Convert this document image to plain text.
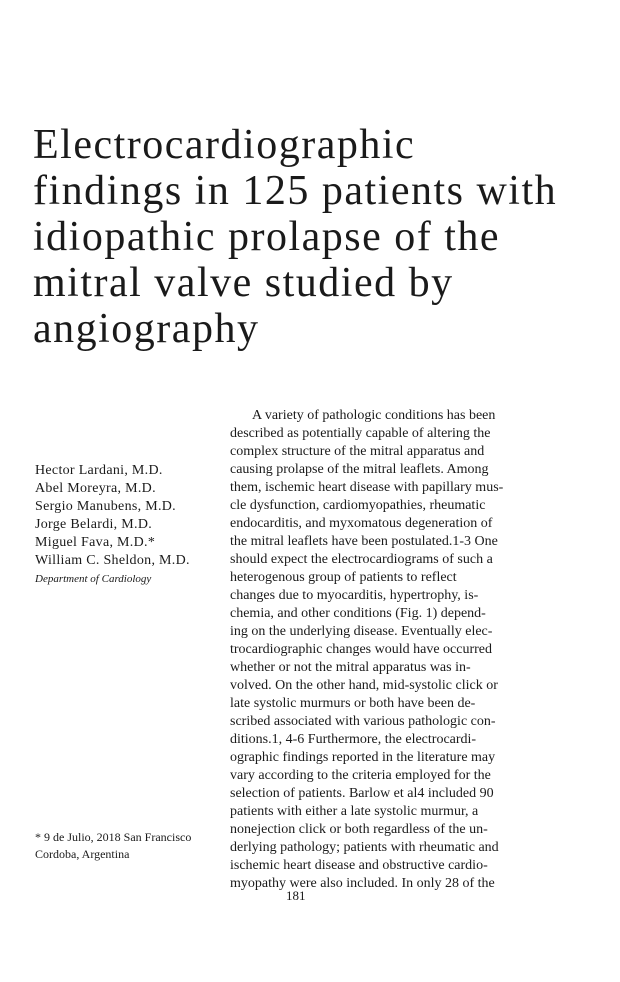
Electrocardiographic
findings in 125 patients with
idiopathic prolapse of the
mitral valve studied by
angiography
Hector Lardani, M.D.
Abel Moreyra, M.D.
Sergio Manubens, M.D.
Jorge Belardi, M.D.
Miguel Fava, M.D.*
William C. Sheldon, M.D.
Department of Cardiology
* 9 de Julio, 2018 San Francisco
Cordoba, Argentina
A variety of pathologic conditions has been
described as potentially capable of altering the
complex structure of the mitral apparatus and
causing prolapse of the mitral leaflets. Among
them, ischemic heart disease with papillary mus-
cle dysfunction, cardiomyopathies, rheumatic
endocarditis, and myxomatous degeneration of
the mitral leaflets have been postulated.1-3 One
should expect the electrocardiograms of such a
heterogenous group of patients to reflect
changes due to myocarditis, hypertrophy, is-
chemia, and other conditions (Fig. 1) depend-
ing on the underlying disease. Eventually elec-
trocardiographic changes would have occurred
whether or not the mitral apparatus was in-
volved. On the other hand, mid-systolic click or
late systolic murmurs or both have been de-
scribed associated with various pathologic con-
ditions.1, 4-6 Furthermore, the electrocardi-
ographic findings reported in the literature may
vary according to the criteria employed for the
selection of patients. Barlow et al4 included 90
patients with either a late systolic murmur, a
nonejection click or both regardless of the un-
derlying pathology; patients with rheumatic and
ischemic heart disease and obstructive cardio-
myopathy were also included. In only 28 of the
181
